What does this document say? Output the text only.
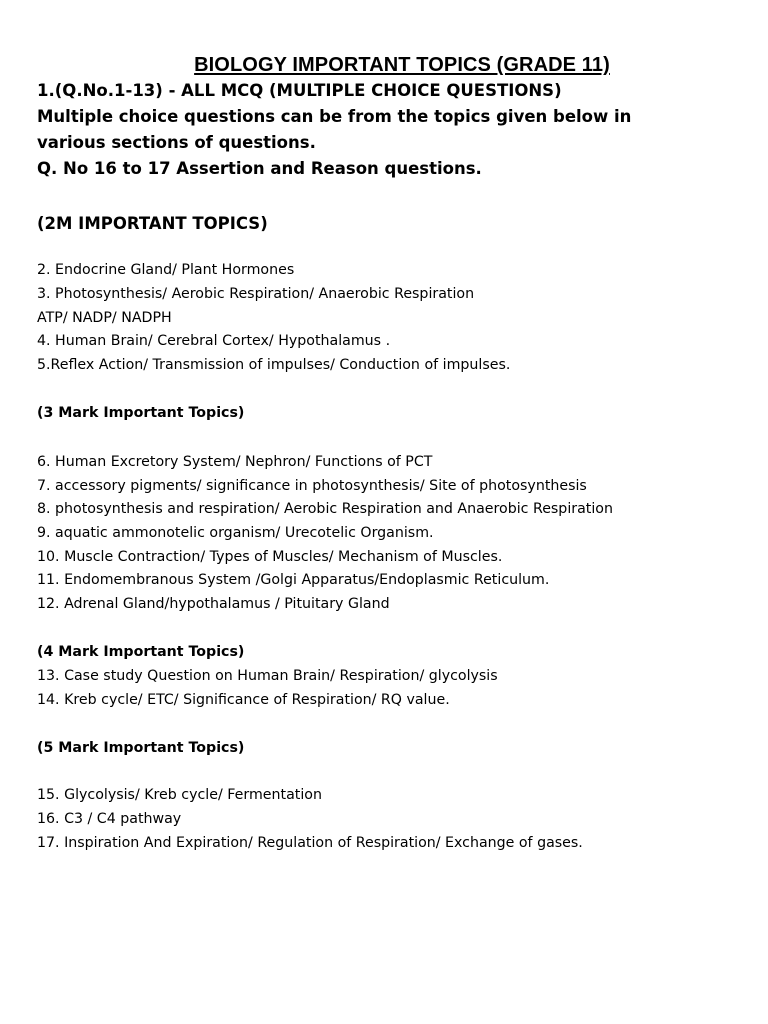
BIOLOGY IMPORTANT TOPICS (GRADE 11)
1.(Q.No.1-13) - ALL MCQ (MULTIPLE CHOICE QUESTIONS)
Multiple choice questions can be from the topics given below in
various sections of questions.
Q. No 16 to 17 Assertion and Reason questions.
(2M IMPORTANT TOPICS)
2. Endocrine Gland/ Plant Hormones
3. Photosynthesis/ Aerobic Respiration/ Anaerobic Respiration
ATP/ NADP/ NADPH
4. Human Brain/ Cerebral Cortex/ Hypothalamus .
5.Reflex Action/ Transmission of impulses/ Conduction of impulses.
(3 Mark Important Topics)
6. Human Excretory System/ Nephron/ Functions of PCT
7. accessory pigments/ significance in photosynthesis/ Site of photosynthesis
8. photosynthesis and respiration/ Aerobic Respiration and Anaerobic Respiration
9. aquatic ammonotelic organism/ Urecotelic Organism.
10. Muscle Contraction/ Types of Muscles/ Mechanism of Muscles.
11. Endomembranous System /Golgi Apparatus/Endoplasmic Reticulum.
12. Adrenal Gland/hypothalamus / Pituitary Gland
(4 Mark Important Topics)
13. Case study Question on Human Brain/ Respiration/ glycolysis
14. Kreb cycle/ ETC/ Significance of Respiration/ RQ value.
(5 Mark Important Topics)
15. Glycolysis/ Kreb cycle/ Fermentation
16. C3 / C4 pathway
17. Inspiration And Expiration/ Regulation of Respiration/ Exchange of gases.
